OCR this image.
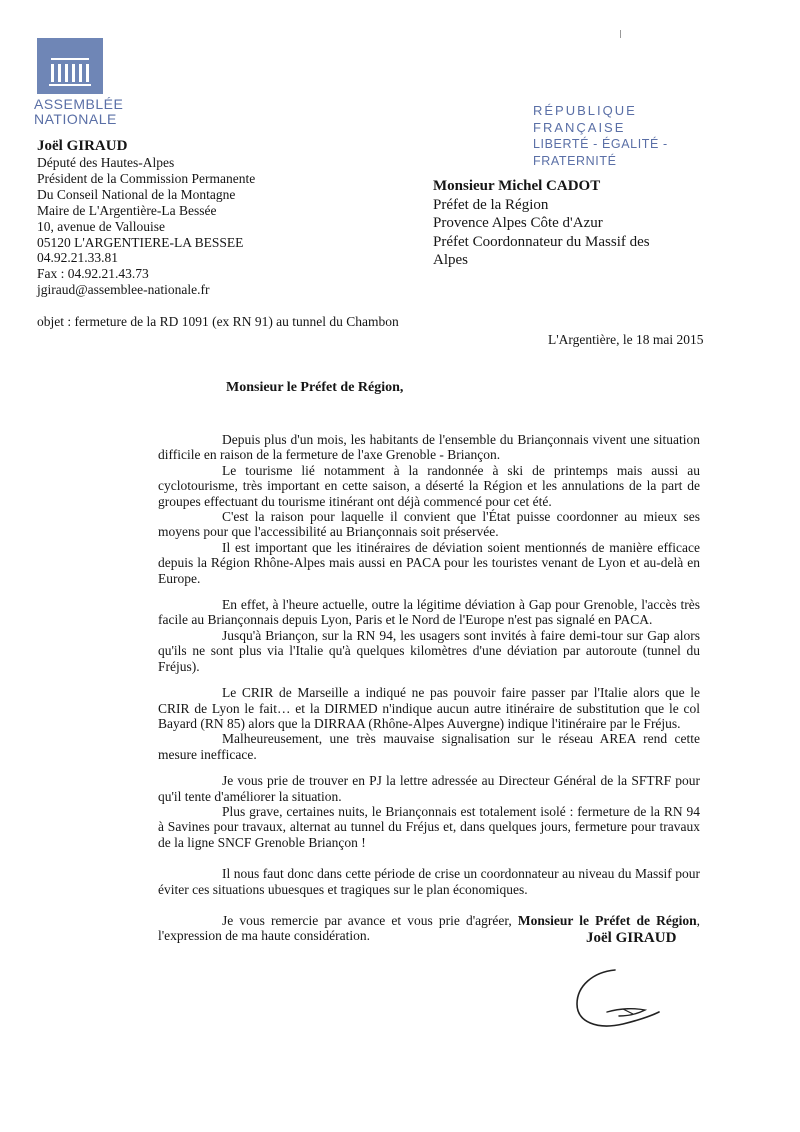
ASSEMBLÉE
NATIONALE
RÉPUBLIQUE FRANÇAISE
LIBERTÉ - ÉGALITÉ - FRATERNITÉ
Joël GIRAUD
Député des Hautes-Alpes
Président de la Commission Permanente
Du Conseil National de la Montagne
Maire de L'Argentière-La Bessée
10, avenue de Vallouise
05120 L'ARGENTIERE-LA BESSEE
04.92.21.33.81
Fax : 04.92.21.43.73
jgiraud@assemblee-nationale.fr
Monsieur Michel CADOT
Préfet de la Région
Provence Alpes Côte d'Azur
Préfet Coordonnateur du Massif des
Alpes
objet : fermeture de la RD 1091 (ex RN 91) au tunnel du Chambon
L'Argentière, le 18 mai 2015
Monsieur le Préfet de Région,

Depuis plus d'un mois, les habitants de l'ensemble du Briançonnais vivent une situation difficile en raison de la fermeture de l'axe Grenoble - Briançon.

Le tourisme lié notamment à la randonnée à ski de printemps mais aussi au cyclotourisme, très important en cette saison, a déserté la Région et les annulations de la part de groupes effectuant du tourisme itinérant ont déjà commencé pour cet été.

C'est la raison pour laquelle il convient que l'État puisse coordonner au mieux ses moyens pour que l'accessibilité au Briançonnais soit préservée.

Il est important que les itinéraires de déviation soient mentionnés de manière efficace depuis la Région Rhône-Alpes mais aussi en PACA pour les touristes venant de Lyon et au-delà en Europe.

En effet, à l'heure actuelle, outre la légitime déviation à Gap pour Grenoble, l'accès très facile au Briançonnais depuis Lyon, Paris et le Nord de l'Europe n'est pas signalé en PACA.

Jusqu'à Briançon, sur la RN 94, les usagers sont invités à faire demi-tour sur Gap alors qu'ils ne sont plus via l'Italie qu'à quelques kilomètres d'une déviation par autoroute (tunnel du Fréjus).

Le CRIR de Marseille a indiqué ne pas pouvoir faire passer par l'Italie alors que le CRIR de Lyon le fait… et la DIRMED n'indique aucun autre itinéraire de substitution que le col Bayard (RN 85) alors que la DIRRAA (Rhône-Alpes Auvergne) indique l'itinéraire par le Fréjus.

Malheureusement, une très mauvaise signalisation sur le réseau AREA rend cette mesure inefficace.

Je vous prie de trouver en PJ la lettre adressée au Directeur Général de la SFTRF pour qu'il tente d'améliorer la situation.

Plus grave, certaines nuits, le Briançonnais est totalement isolé : fermeture de la RN 94 à Savines pour travaux, alternat au tunnel du Fréjus et, dans quelques jours, fermeture pour travaux de la ligne SNCF Grenoble Briançon !

Il nous faut donc dans cette période de crise un coordonnateur au niveau du Massif pour éviter ces situations ubuesques et tragiques sur le plan économiques.

Je vous remercie par avance et vous prie d'agréer, Monsieur le Préfet de Région, l'expression de ma haute considération.	Joël GIRAUD
